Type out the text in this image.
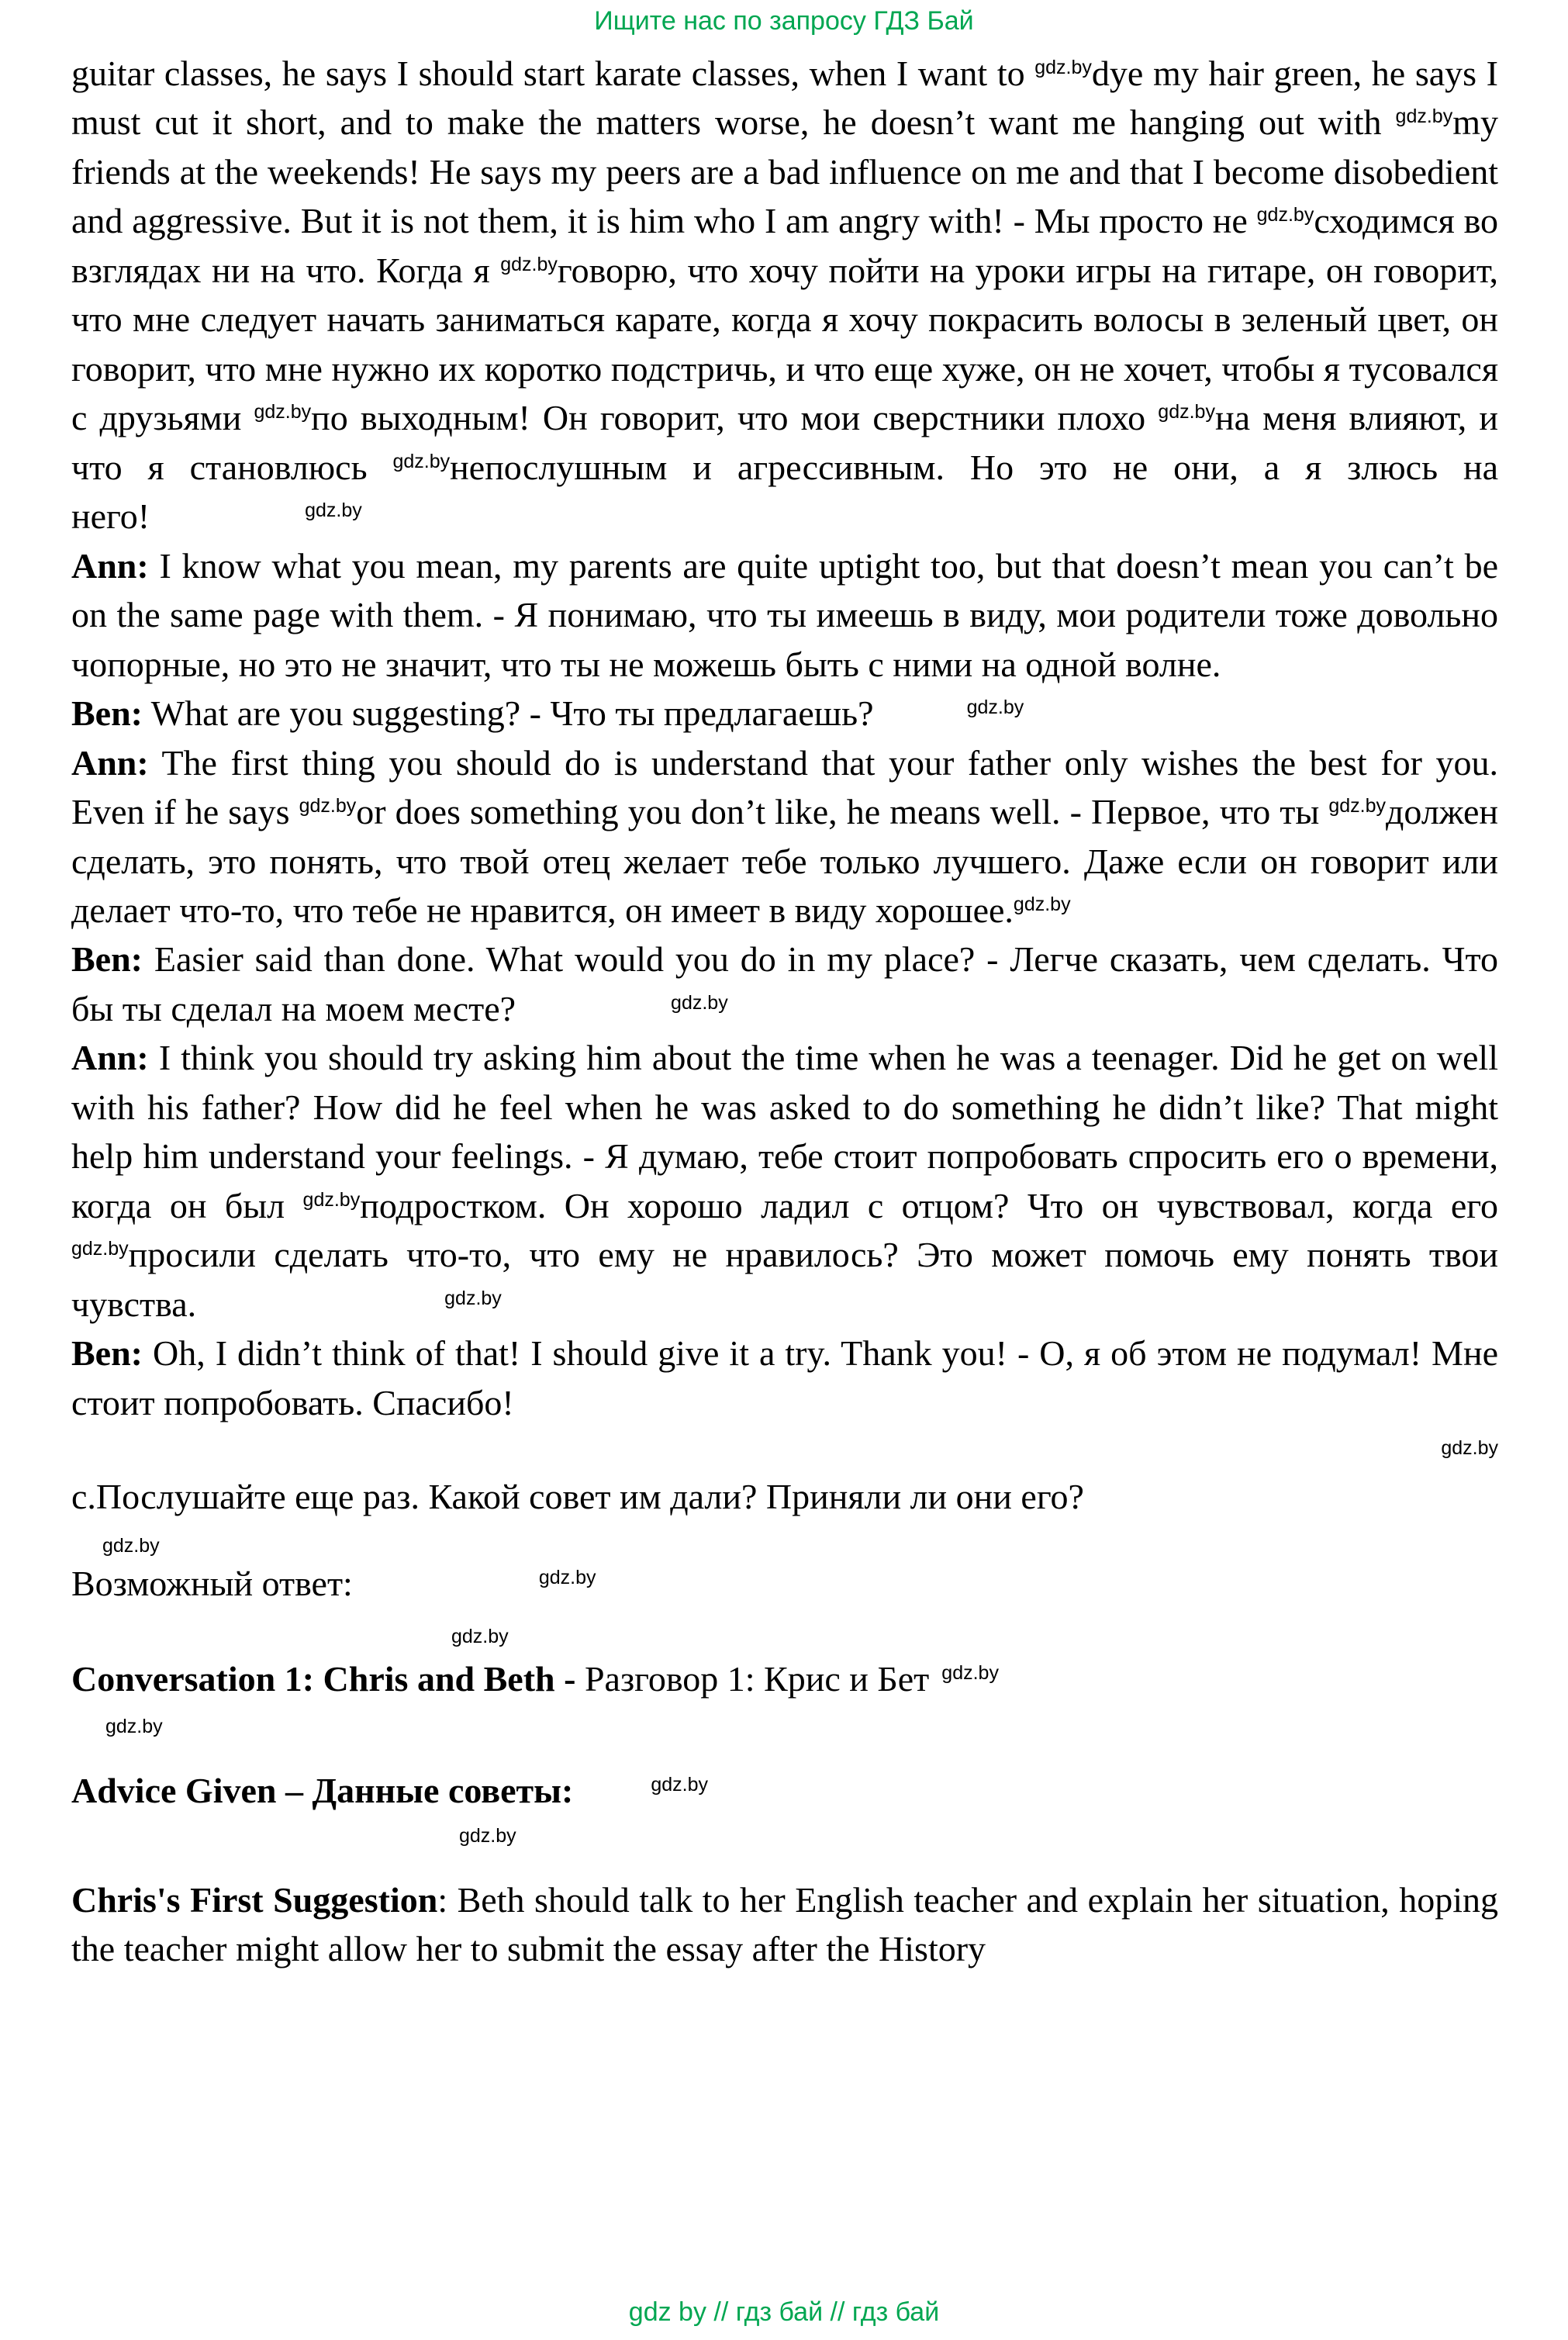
Ищите нас по запросу ГДЗ Бай

guitar classes, he says I should start karate classes, when I want to $^{gdz.by}$dye my hair green, he says I must cut it short, and to make the matters worse, he doesn’t want me hanging out with $^{gdz.by}$my friends at the weekends! He says my peers are a bad influence on me and that I become disobedient and aggressive. But it is not them, it is him who I am angry with! - Мы просто не $^{gdz.by}$сходимся во взглядах ни на что. Когда я $^{gdz.by}$говорю, что хочу пойти на уроки игры на гитаре, он говорит, что мне следует начать заниматься карате, когда я хочу покрасить волосы в зеленый цвет, он говорит, что мне нужно их коротко подстричь, и что еще хуже, он не хочет, чтобы я тусовался с друзьями $^{gdz.by}$по выходным! Он говорит, что мои сверстники плохо $^{gdz.by}$на меня влияют, и что я становлюсь $^{gdz.by}$непослушным и агрессивным. Но это не они, а я злюсь на него!	$^{gdz.by}$

Ann: I know what you mean, my parents are quite uptight too, but that doesn’t mean you can’t be on the same page with them. - Я понимаю, что ты имеешь в виду, мои родители тоже довольно чопорные, но это не значит, что ты не можешь быть с ними на одной волне.

Ben: What are you suggesting? - Что ты предлагаешь?	$^{gdz.by}$

Ann: The first thing you should do is understand that your father only wishes the best for you. Even if he says $^{gdz.by}$or does something you don’t like, he means well. - Первое, что ты $^{gdz.by}$должен сделать, это понять, что твой отец желает тебе только лучшего. Даже если он говорит или делает что-то, что тебе не нравится, он имеет в виду хорошее.$^{gdz.by}$

Ben: Easier said than done. What would you do in my place? - Легче сказать, чем сделать. Что бы ты сделал на моем месте?	$^{gdz.by}$

Ann: I think you should try asking him about the time when he was a teenager. Did he get on well with his father? How did he feel when he was asked to do something he didn’t like? That might help him understand your feelings. - Я думаю, тебе стоит попробовать спросить его о времени, когда он был $^{gdz.by}$подростком. Он хорошо ладил с отцом? Что он чувствовал, когда его $^{gdz.by}$просили сделать что-то, что ему не нравилось? Это может помочь ему понять твои чувства.	$^{gdz.by}$

Ben: Oh, I didn’t think of that! I should give it a try. Thank you! - О, я об этом не подумал! Мне стоит попробовать. Спасибо!

gdz.by

c.Послушайте еще раз. Какой совет им дали? Приняли ли они его?

gdz.by

Возможный ответ:	$^{gdz.by}$

gdz.by

Conversation 1: Chris and Beth - Разговор 1: Крис и Бет $^{gdz.by}$

gdz.by

Advice Given – Данные советы:	$^{gdz.by}$

gdz.by

Chris's First Suggestion: Beth should talk to her English teacher and explain her situation, hoping the teacher might allow her to submit the essay after the History

gdz by // гдз бай // гдз бай
